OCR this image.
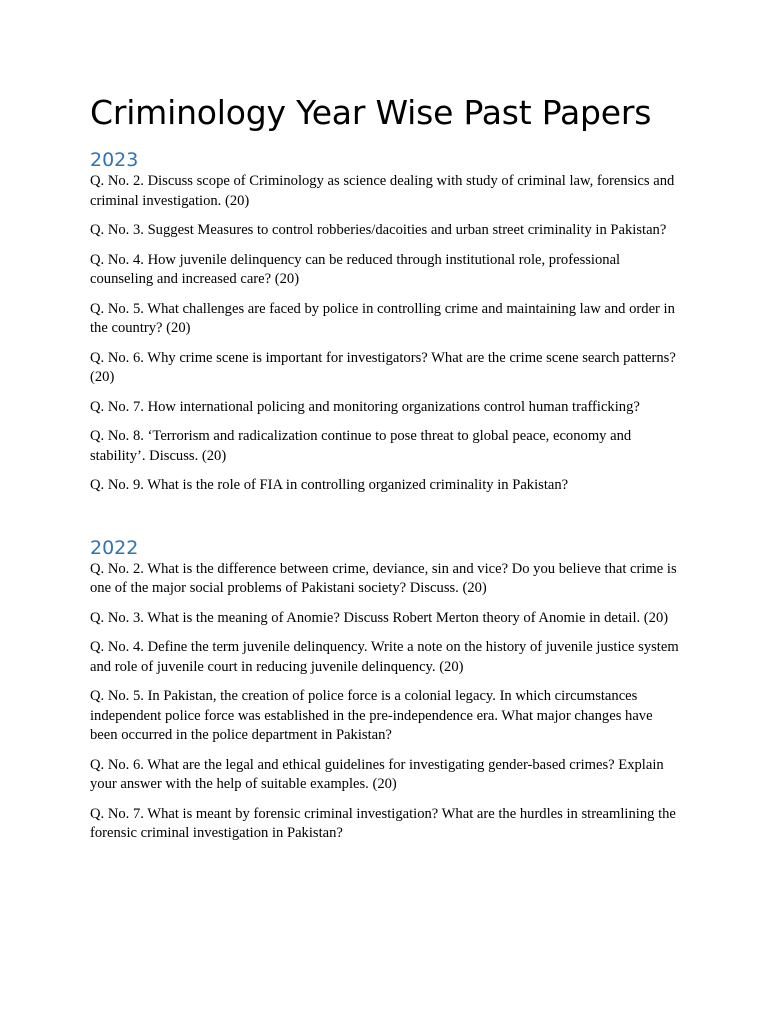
Criminology Year Wise Past Papers
2023

Q. No. 2. Discuss scope of Criminology as science dealing with study of criminal law, forensics and criminal investigation. (20)

Q. No. 3. Suggest Measures to control robberies/dacoities and urban street criminality in Pakistan?

Q. No. 4. How juvenile delinquency can be reduced through institutional role, professional counseling and increased care? (20)

Q. No. 5. What challenges are faced by police in controlling crime and maintaining law and order in the country? (20)

Q. No. 6. Why crime scene is important for investigators? What are the crime scene search patterns? (20)

Q. No. 7. How international policing and monitoring organizations control human trafficking?

Q. No. 8. ‘Terrorism and radicalization continue to pose threat to global peace, economy and stability’. Discuss. (20)

Q. No. 9. What is the role of FIA in controlling organized criminality in Pakistan?

2022

Q. No. 2. What is the difference between crime, deviance, sin and vice? Do you believe that crime is one of the major social problems of Pakistani society? Discuss. (20)

Q. No. 3. What is the meaning of Anomie? Discuss Robert Merton theory of Anomie in detail. (20)

Q. No. 4. Define the term juvenile delinquency. Write a note on the history of juvenile justice system and role of juvenile court in reducing juvenile delinquency. (20)

Q. No. 5. In Pakistan, the creation of police force is a colonial legacy. In which circumstances independent police force was established in the pre-independence era. What major changes have been occurred in the police department in Pakistan?

Q. No. 6. What are the legal and ethical guidelines for investigating gender-based crimes? Explain your answer with the help of suitable examples. (20)

Q. No. 7. What is meant by forensic criminal investigation? What are the hurdles in streamlining the forensic criminal investigation in Pakistan?
